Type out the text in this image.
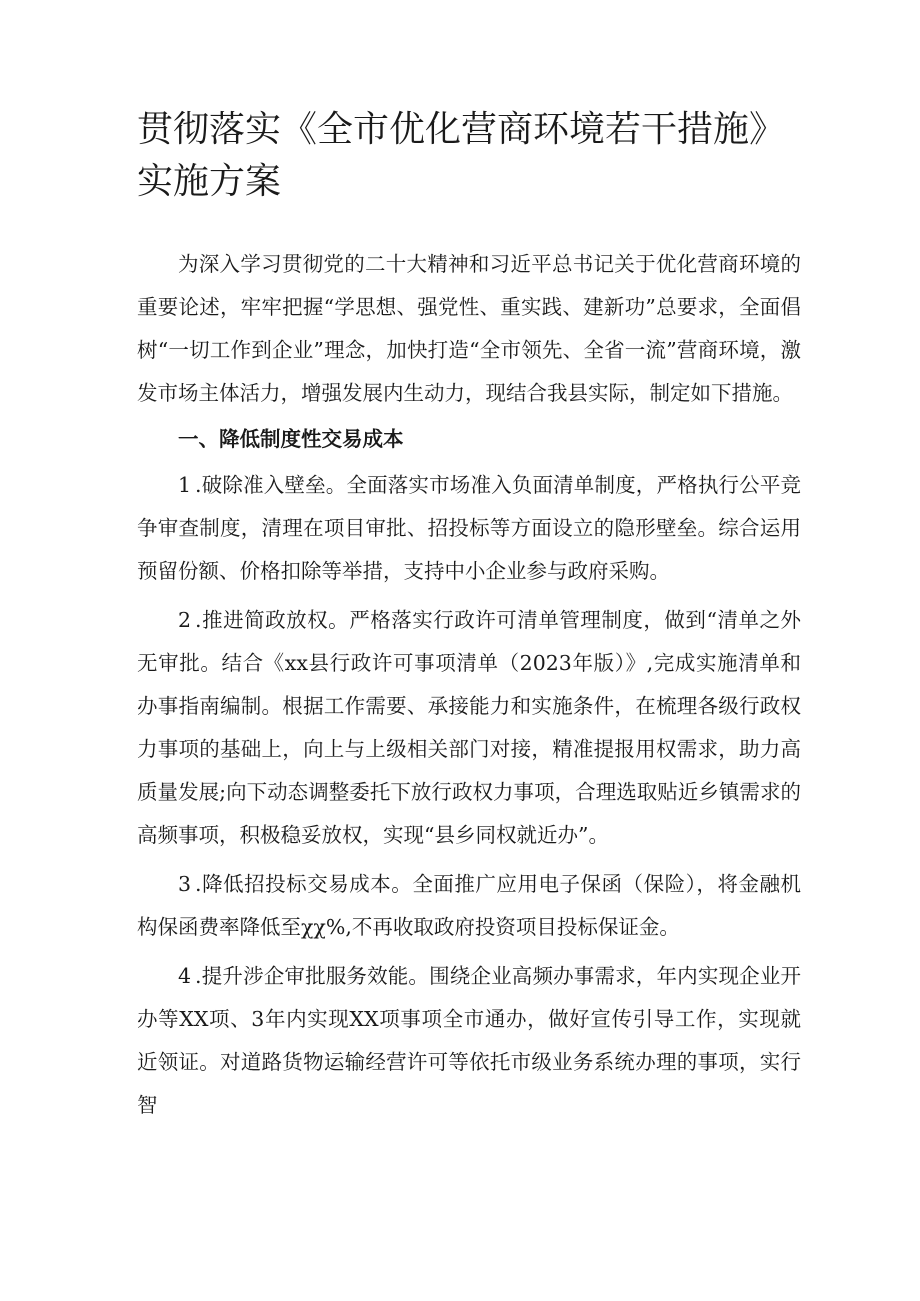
贯彻落实《全市优化营商环境若干措施》实施方案

为深入学习贯彻党的二十大精神和习近平总书记关于优化营商环境的重要论述，牢牢把握“学思想、强党性、重实践、建新功”总要求，全面倡树“一切工作到企业”理念，加快打造“全市领先、全省一流”营商环境，激发市场主体活力，增强发展内生动力，现结合我县实际，制定如下措施。

一、降低制度性交易成本

1.破除准入壁垒。全面落实市场准入负面清单制度，严格执行公平竞争审查制度，清理在项目审批、招投标等方面设立的隐形壁垒。综合运用预留份额、价格扣除等举措，支持中小企业参与政府采购。

2.推进简政放权。严格落实行政许可清单管理制度，做到“清单之外无审批。结合《xx县行政许可事项清单（2023年版）》,完成实施清单和办事指南编制。根据工作需要、承接能力和实施条件，在梳理各级行政权力事项的基础上，向上与上级相关部门对接，精准提报用权需求，助力高质量发展;向下动态调整委托下放行政权力事项，合理选取贴近乡镇需求的高频事项，积极稳妥放权，实现“县乡同权就近办”。

3.降低招投标交易成本。全面推广应用电子保函（保险），将金融机构保函费率降低至χχ%,不再收取政府投资项目投标保证金。

4.提升涉企审批服务效能。围绕企业高频办事需求，年内实现企业开办等XX项、3年内实现XX项事项全市通办，做好宣传引导工作，实现就近领证。对道路货物运输经营许可等依托市级业务系统办理的事项，实行智
